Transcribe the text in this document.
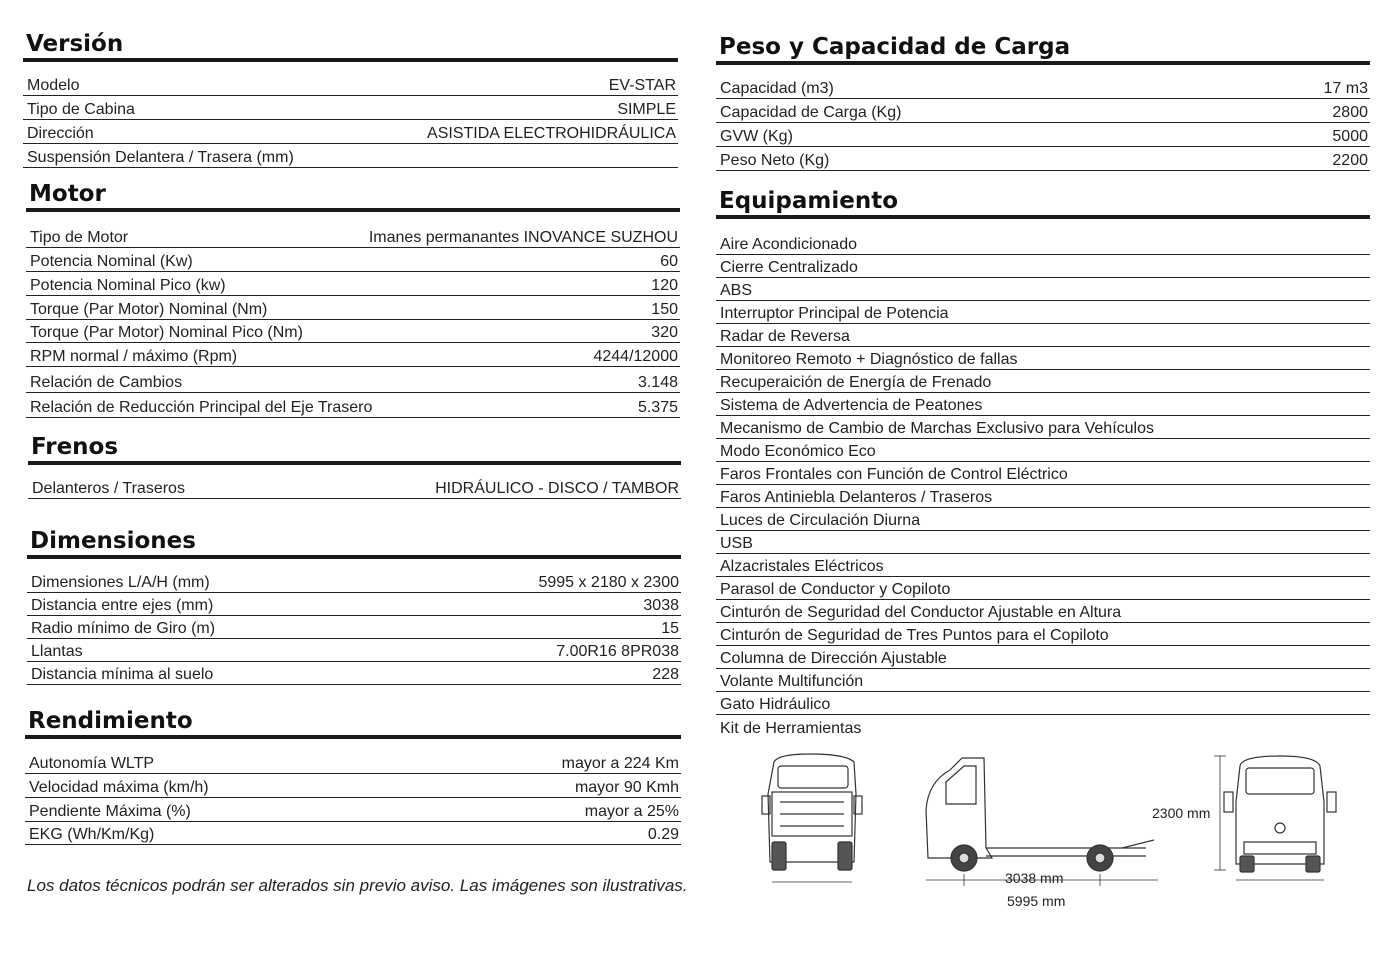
Versión
Modelo	EV-STAR
Tipo de Cabina	SIMPLE
Dirección	ASISTIDA ELECTROHIDRÁULICA
Suspensión Delantera / Trasera (mm)
Motor
Tipo de Motor	Imanes permanantes INOVANCE SUZHOU
Potencia Nominal (Kw)	60
Potencia Nominal Pico (kw)	120
Torque (Par Motor) Nominal (Nm)	150
Torque (Par Motor) Nominal Pico (Nm)	320
RPM normal / máximo (Rpm)	4244/12000
Relación de Cambios	3.148
Relación de Reducción Principal del Eje Trasero	5.375
Frenos
Delanteros / Traseros	HIDRÁULICO - DISCO / TAMBOR
Dimensiones
Dimensiones L/A/H (mm)	5995 x 2180 x 2300
Distancia entre ejes (mm)	3038
Radio mínimo de Giro (m)	15
Llantas	7.00R16 8PR038
Distancia mínima al suelo	228
Rendimiento
Autonomía WLTP	mayor a 224 Km
Velocidad máxima (km/h)	mayor 90 Kmh
Pendiente Máxima (%)	mayor a 25%
EKG (Wh/Km/Kg)	0.29
Peso y Capacidad de Carga
Capacidad (m3)	17 m3
Capacidad de Carga (Kg)	2800
GVW (Kg)	5000
Peso Neto (Kg)	2200
Equipamiento
Aire Acondicionado
Cierre Centralizado
ABS
Interruptor Principal de Potencia
Radar de Reversa
Monitoreo Remoto + Diagnóstico de fallas
Recuperaición de Energía de Frenado
Sistema de Advertencia de Peatones
Mecanismo de Cambio de Marchas Exclusivo para Vehículos
Modo Económico Eco
Faros Frontales con Función de Control Eléctrico
Faros Antiniebla Delanteros / Traseros
Luces de Circulación Diurna
USB
Alzacristales Eléctricos
Parasol de Conductor y Copiloto
Cinturón de Seguridad del Conductor Ajustable en Altura
Cinturón de Seguridad de Tres Puntos para el Copiloto
Columna de Dirección Ajustable
Volante Multifunción
Gato Hidráulico
Kit de Herramientas
Los datos técnicos podrán ser alterados sin previo aviso. Las imágenes son ilustrativas.
2300 mm
3038 mm
5995 mm
